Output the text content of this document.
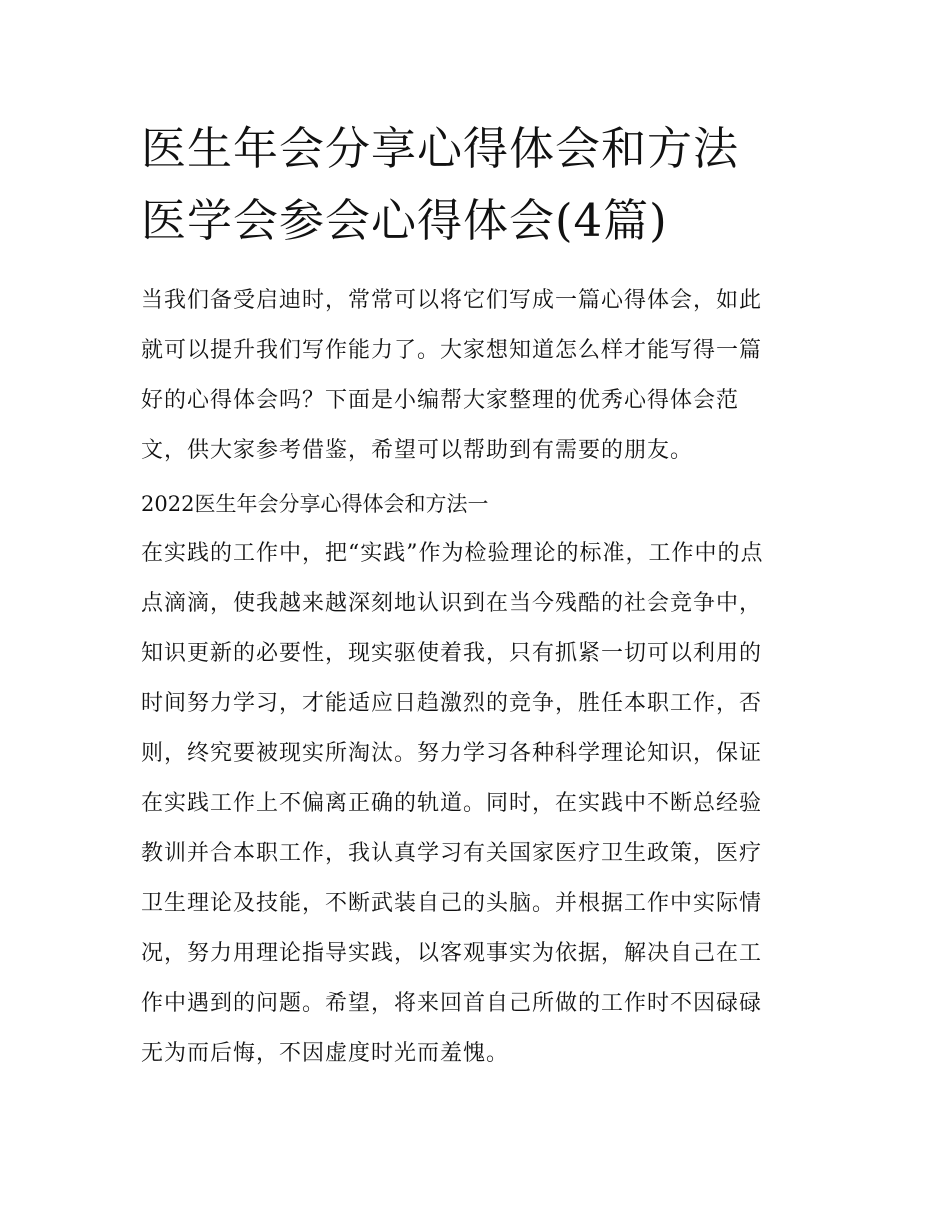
医生年会分享心得体会和方法
医学会参会心得体会(4篇)
当我们备受启迪时，常常可以将它们写成一篇心得体会，如此
就可以提升我们写作能力了。大家想知道怎么样才能写得一篇
好的心得体会吗？下面是小编帮大家整理的优秀心得体会范
文，供大家参考借鉴，希望可以帮助到有需要的朋友。
2022医生年会分享心得体会和方法一
在实践的工作中，把“实践”作为检验理论的标准，工作中的点
点滴滴，使我越来越深刻地认识到在当今残酷的社会竞争中，
知识更新的必要性，现实驱使着我，只有抓紧一切可以利用的
时间努力学习，才能适应日趋激烈的竞争，胜任本职工作，否
则，终究要被现实所淘汰。努力学习各种科学理论知识，保证
在实践工作上不偏离正确的轨道。同时，在实践中不断总经验
教训并合本职工作，我认真学习有关国家医疗卫生政策，医疗
卫生理论及技能，不断武装自己的头脑。并根据工作中实际情
况，努力用理论指导实践，以客观事实为依据，解决自己在工
作中遇到的问题。希望，将来回首自己所做的工作时不因碌碌
无为而后悔，不因虚度时光而羞愧。
